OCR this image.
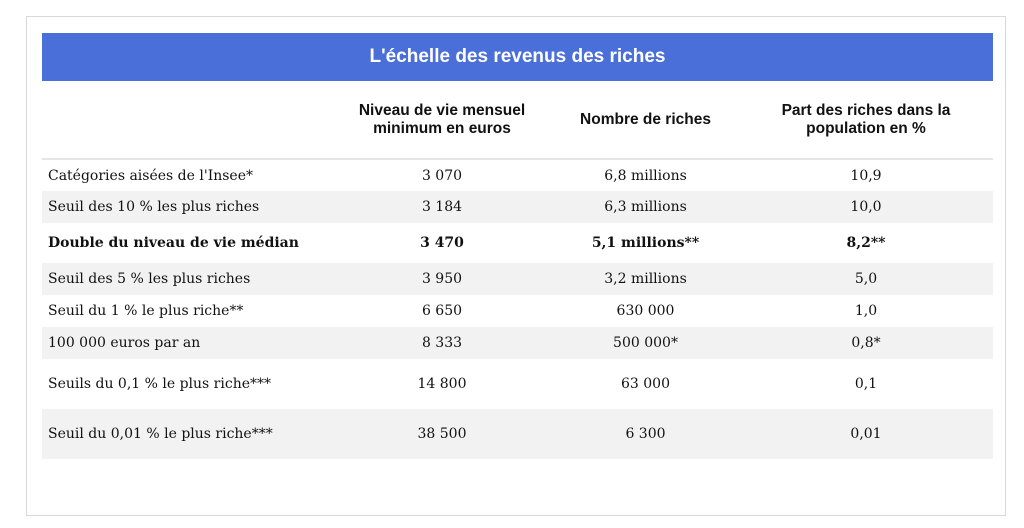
L'échelle des revenus des riches
	Niveau de vie mensuel minimum en euros	Nombre de riches	Part des riches dans la population en %
Catégories aisées de l'Insee*	3 070	6,8 millions	10,9
Seuil des 10 % les plus riches	3 184	6,3 millions	10,0
Double du niveau de vie médian	3 470	5,1 millions**	8,2**
Seuil des 5 % les plus riches	3 950	3,2 millions	5,0
Seuil du 1 % le plus riche**	6 650	630 000	1,0
100 000 euros par an	8 333	500 000*	0,8*
Seuils du 0,1 % le plus riche***	14 800	63 000	0,1
Seuil du 0,01 % le plus riche***	38 500	6 300	0,01
